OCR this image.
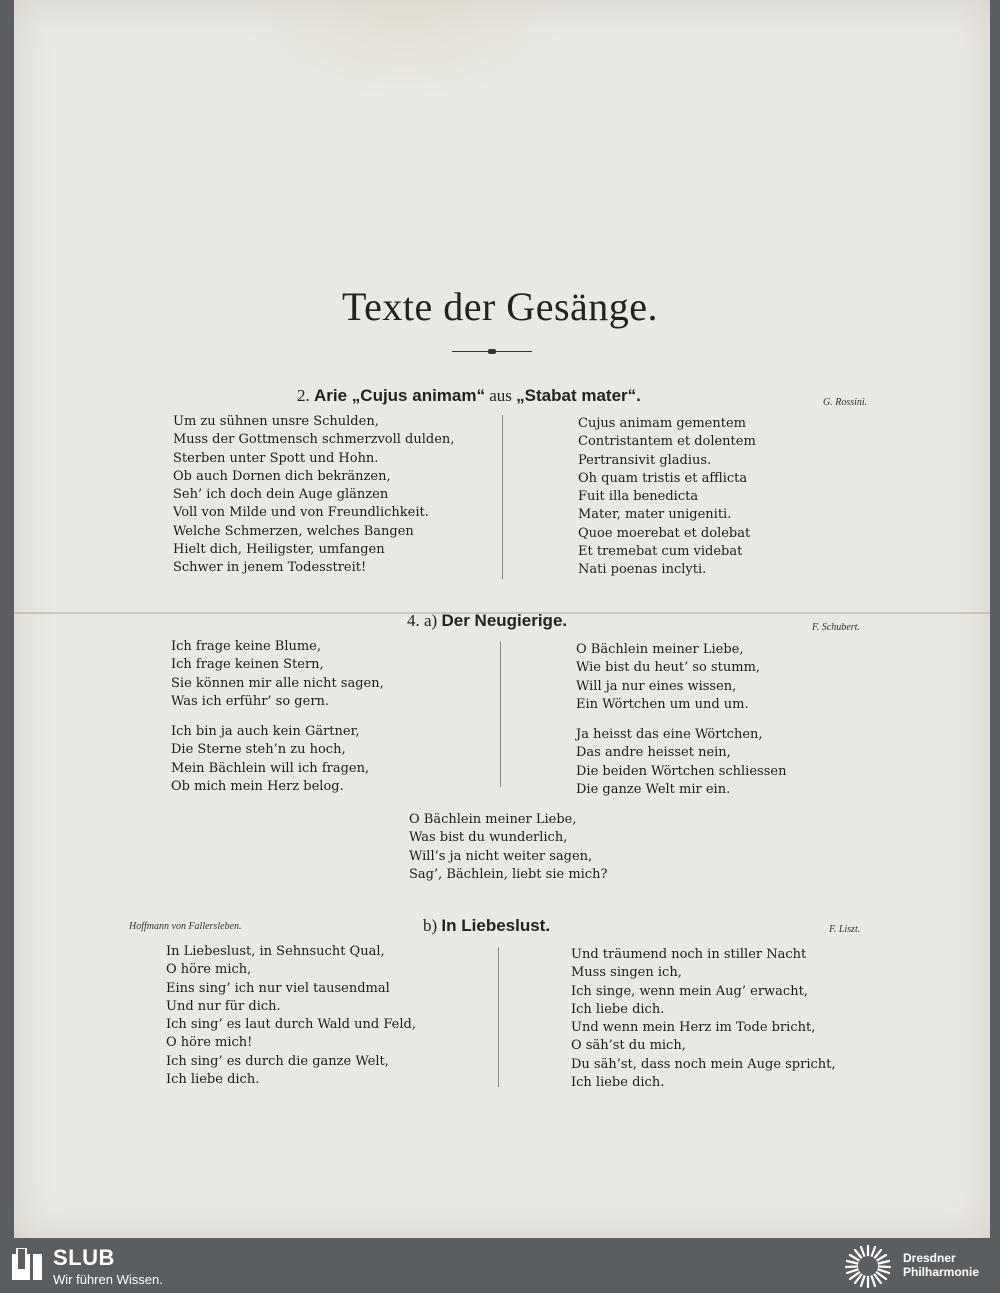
Texte der Gesänge.
2. Arie „Cujus animam“ aus „Stabat mater“.	G. Rossini.
Um zu sühnen unsre Schulden,
Muss der Gottmensch schmerzvoll dulden,
Sterben unter Spott und Hohn.
Ob auch Dornen dich bekränzen,
Seh’ ich doch dein Auge glänzen
Voll von Milde und von Freundlichkeit.
Welche Schmerzen, welches Bangen
Hielt dich, Heiligster, umfangen
Schwer in jenem Todesstreit!
Cujus animam gementem
Contristantem et dolentem
Pertransivit gladius.
Oh quam tristis et afflicta
Fuit illa benedicta
Mater, mater unigeniti.
Quoe moerebat et dolebat
Et tremebat cum videbat
Nati poenas inclyti.
4. a) Der Neugierige.	F. Schubert.
Ich frage keine Blume,
Ich frage keinen Stern,
Sie können mir alle nicht sagen,
Was ich erführ’ so gern.
Ich bin ja auch kein Gärtner,
Die Sterne steh’n zu hoch,
Mein Bächlein will ich fragen,
Ob mich mein Herz belog.
O Bächlein meiner Liebe,
Wie bist du heut’ so stumm,
Will ja nur eines wissen,
Ein Wörtchen um und um.
Ja heisst das eine Wörtchen,
Das andre heisset nein,
Die beiden Wörtchen schliessen
Die ganze Welt mir ein.
O Bächlein meiner Liebe,
Was bist du wunderlich,
Will’s ja nicht weiter sagen,
Sag’, Bächlein, liebt sie mich?
Hoffmann von Fallersleben.	b) In Liebeslust.	F. Liszt.
In Liebeslust, in Sehnsucht Qual,
O höre mich,
Eins sing’ ich nur viel tausendmal
Und nur für dich.
Ich sing’ es laut durch Wald und Feld,
O höre mich!
Ich sing’ es durch die ganze Welt,
Ich liebe dich.
Und träumend noch in stiller Nacht
Muss singen ich,
Ich singe, wenn mein Aug’ erwacht,
Ich liebe dich.
Und wenn mein Herz im Tode bricht,
O säh’st du mich,
Du säh’st, dass noch mein Auge spricht,
Ich liebe dich.
SLUB
Wir führen Wissen.
Dresdner
Philharmonie
